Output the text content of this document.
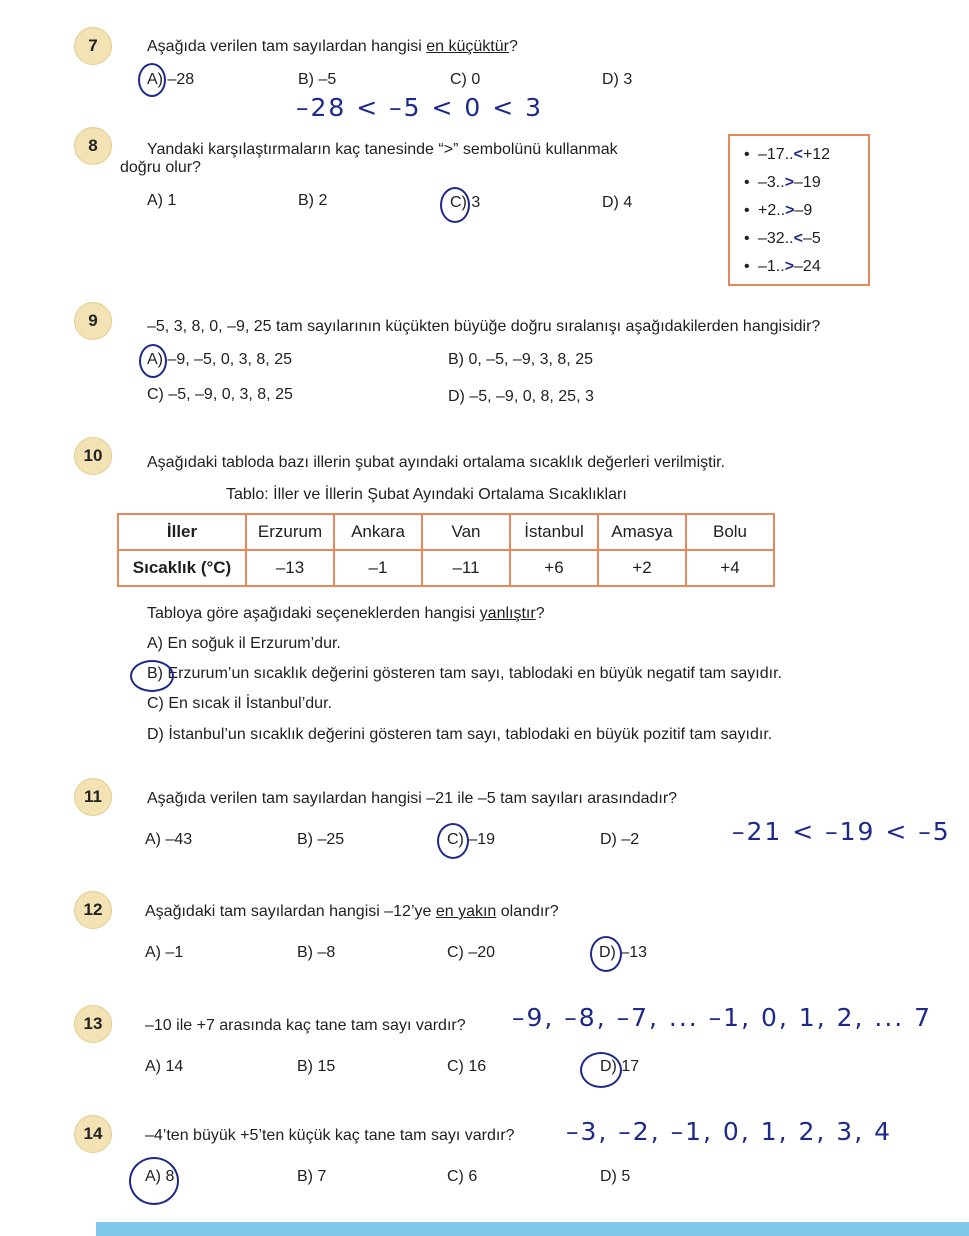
7	Aşağıda verilen tam sayılardan hangisi en küçüktür?
A) –28	B) –5	C) 0	D) 3
–28 < –5 < 0 < 3
8	Yandaki karşılaştırmaların kaç tanesinde “>” sembolünü kullanmak
doğru olur?
A) 1	B) 2	C) 3	D) 4
• –17..<+12
• –3..>–19
• +2..>–9
• –32..<–5
• –1..>–24
9	–5, 3, 8, 0, –9, 25 tam sayılarının küçükten büyüğe doğru sıralanışı aşağıdakilerden hangisidir?
A) –9, –5, 0, 3, 8, 25	B) 0, –5, –9, 3, 8, 25
C) –5, –9, 0, 3, 8, 25	D) –5, –9, 0, 8, 25, 3
10	Aşağıdaki tabloda bazı illerin şubat ayındaki ortalama sıcaklık değerleri verilmiştir.
Tablo: İller ve İllerin Şubat Ayındaki Ortalama Sıcaklıkları
İller	Erzurum	Ankara	Van	İstanbul	Amasya	Bolu
Sıcaklık (°C)	–13	–1	–11	+6	+2	+4
Tabloya göre aşağıdaki seçeneklerden hangisi yanlıştır?
A) En soğuk il Erzurum’dur.
B) Erzurum’un sıcaklık değerini gösteren tam sayı, tablodaki en büyük negatif tam sayıdır.
C) En sıcak il İstanbul’dur.
D) İstanbul’un sıcaklık değerini gösteren tam sayı, tablodaki en büyük pozitif tam sayıdır.
11	Aşağıda verilen tam sayılardan hangisi –21 ile –5 tam sayıları arasındadır?
A) –43	B) –25	C) –19	D) –2	–21 < –19 < –5
12	Aşağıdaki tam sayılardan hangisi –12’ye en yakın olandır?
A) –1	B) –8	C) –20	D) –13
13	–10 ile +7 arasında kaç tane tam sayı vardır?
A) 14	B) 15	C) 16	D) 17
–9, –8, –7, ... –1, 0, 1, 2, ... 7
14	–4’ten büyük +5’ten küçük kaç tane tam sayı vardır?
A) 8	B) 7	C) 6	D) 5
–3, –2, –1, 0, 1, 2, 3, 4
